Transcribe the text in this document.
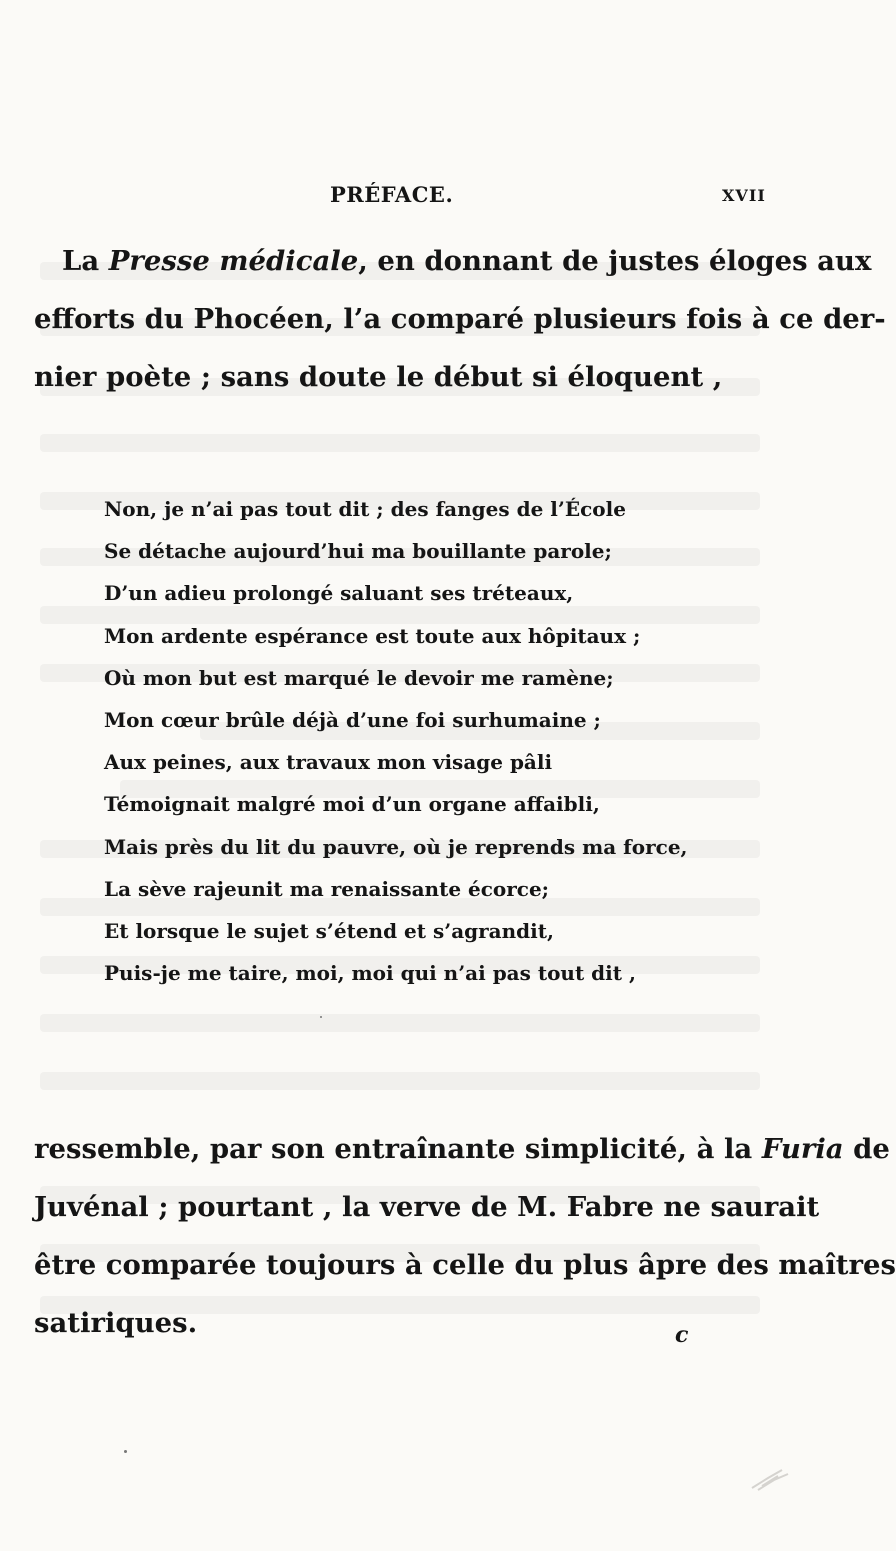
PRÉFACE.	XVII

La Presse médicale, en donnant de justes éloges aux
efforts du Phocéen, l’a comparé plusieurs fois à ce der-
nier poète ; sans doute le début si éloquent ,

Non, je n’ai pas tout dit ; des fanges de l’École
Se détache aujourd’hui ma bouillante parole;
D’un adieu prolongé saluant ses tréteaux,
Mon ardente espérance est toute aux hôpitaux ;
Où mon but est marqué le devoir me ramène;
Mon cœur brûle déjà d’une foi surhumaine ;
Aux peines, aux travaux mon visage pâli
Témoignait malgré moi d’un organe affaibli,
Mais près du lit du pauvre, où je reprends ma force,
La sève rajeunit ma renaissante écorce;
Et lorsque le sujet s’étend et s’agrandit,
Puis-je me taire, moi, moi qui n’ai pas tout dit ,

ressemble, par son entraînante simplicité, à la Furia de
Juvénal ; pourtant , la verve de M. Fabre ne saurait
être comparée toujours à celle du plus âpre des maîtres
satiriques.	c
